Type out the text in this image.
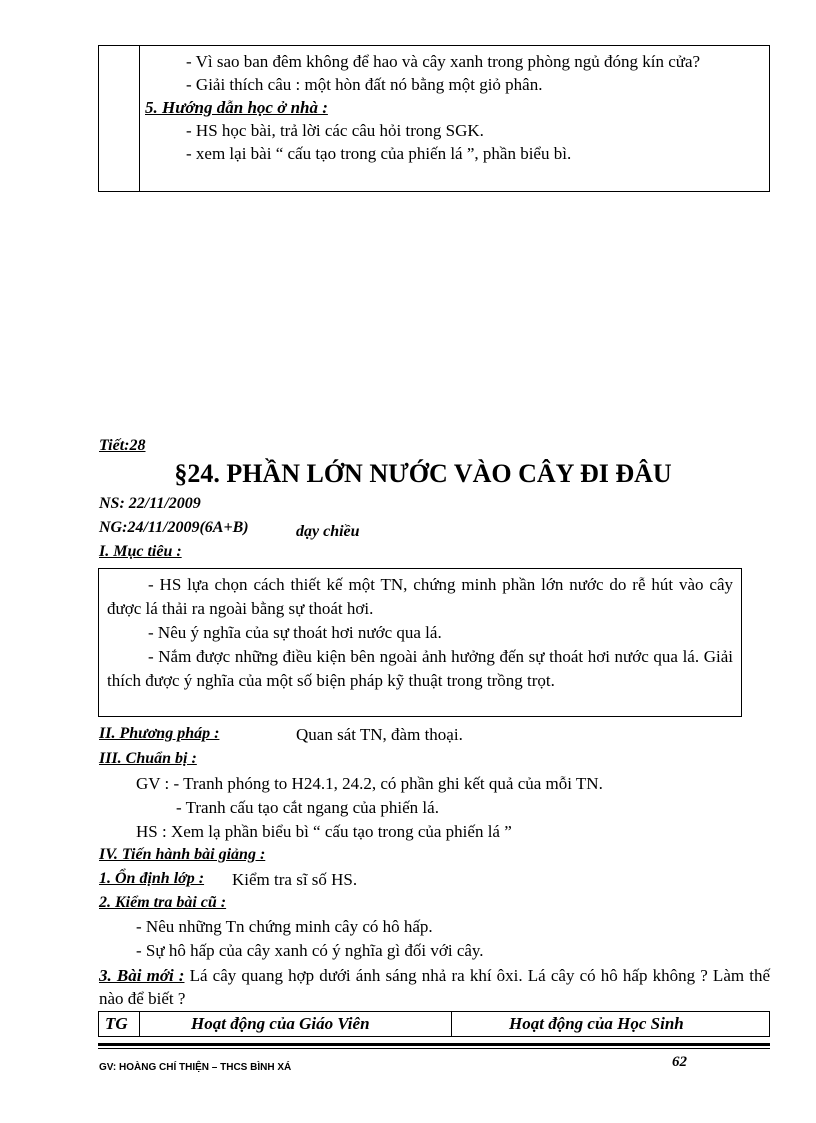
- Vì sao ban đêm không để hao và cây xanh trong phòng ngủ đóng kín cửa?
- Giải thích câu : một hòn đất nó bằng một giỏ phân.
5. Hướng dẫn học ở nhà :
- HS học bài, trả lời các câu hỏi trong SGK.
- xem lại bài “ cấu tạo trong của phiến lá ”, phần biểu bì.
Tiết:28
§24. PHẦN LỚN NƯỚC VÀO CÂY ĐI ĐÂU
NS: 22/11/2009
NG:24/11/2009(6A+B)	dạy chiều
I. Mục tiêu :
- HS lựa chọn cách thiết kế một TN, chứng minh phần lớn nước do rễ hút vào cây được lá thải ra ngoài bằng sự thoát hơi.
- Nêu ý nghĩa của sự thoát hơi nước qua lá.
- Nắm được những điều kiện bên ngoài ảnh hưởng đến sự thoát hơi nước qua lá. Giải thích được ý nghĩa của một số biện pháp kỹ thuật trong trồng trọt.
II. Phương pháp :	Quan sát TN, đàm thoại.
III. Chuẩn bị :
GV : - Tranh phóng to H24.1, 24.2, có phần ghi kết quả của mỗi TN.
- Tranh cấu tạo cắt ngang của phiến lá.
HS : Xem lạ phần biểu bì “ cấu tạo trong của phiến lá ”
IV. Tiến hành bài giảng :
1. Ổn định lớp : Kiểm tra sĩ số HS.
2. Kiểm tra bài cũ :
- Nêu những Tn chứng minh cây có hô hấp.
- Sự hô hấp của cây xanh có ý nghĩa gì đối với cây.
3. Bài mới : Lá cây quang hợp dưới ánh sáng nhả ra khí ôxi. Lá cây có hô hấp không ? Làm thế nào để biết ?
TG	Hoạt động của Giáo Viên	Hoạt động của Học Sinh
GV: HOÀNG CHÍ THIỆN – THCS BÌNH XÁ	62
